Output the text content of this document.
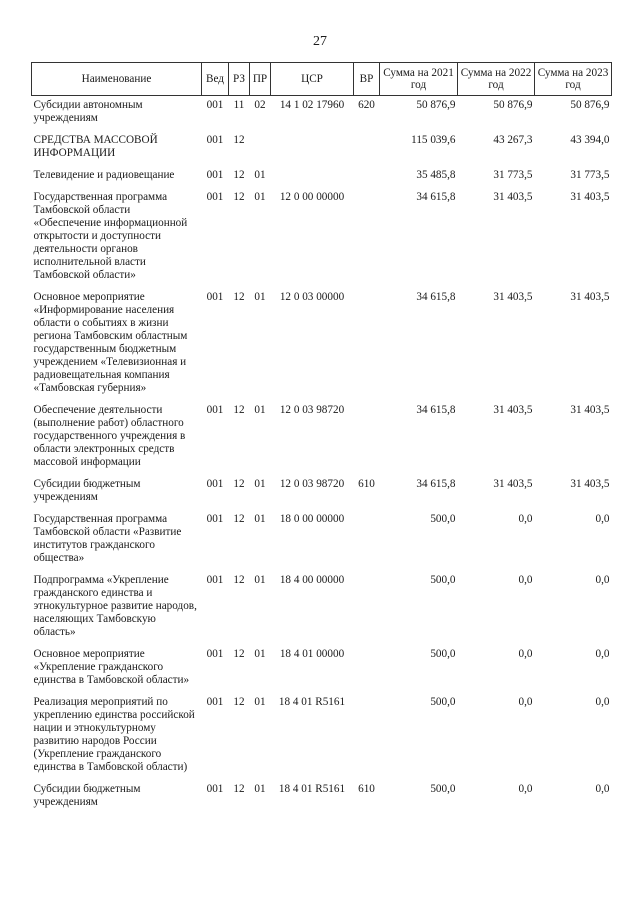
27
Наименование	Вед	РЗ	ПР	ЦСР	ВР	Сумма на 2021 год	Сумма на 2022 год	Сумма на 2023 год
Субсидии автономным учреждениям	001	11	02	14 1 02 17960	620	50 876,9	50 876,9	50 876,9
СРЕДСТВА МАССОВОЙ ИНФОРМАЦИИ	001	12				115 039,6	43 267,3	43 394,0
Телевидение и радиовещание	001	12	01			35 485,8	31 773,5	31 773,5
Государственная программа Тамбовской области «Обеспечение информационной открытости и доступности деятельности органов исполнительной власти Тамбовской области»	001	12	01	12 0 00 00000		34 615,8	31 403,5	31 403,5
Основное мероприятие «Информирование населения области о событиях в жизни региона Тамбовским областным государственным бюджетным учреждением «Телевизионная и радиовещательная компания «Тамбовская губерния»	001	12	01	12 0 03 00000		34 615,8	31 403,5	31 403,5
Обеспечение деятельности (выполнение работ) областного государственного учреждения в области электронных средств массовой информации	001	12	01	12 0 03 98720		34 615,8	31 403,5	31 403,5
Субсидии бюджетным учреждениям	001	12	01	12 0 03 98720	610	34 615,8	31 403,5	31 403,5
Государственная программа Тамбовской области «Развитие институтов гражданского общества»	001	12	01	18 0 00 00000		500,0	0,0	0,0
Подпрограмма «Укрепление гражданского единства и этнокультурное развитие народов, населяющих Тамбовскую область»	001	12	01	18 4 00 00000		500,0	0,0	0,0
Основное мероприятие «Укрепление гражданского единства в Тамбовской области»	001	12	01	18 4 01 00000		500,0	0,0	0,0
Реализация мероприятий по укреплению единства российской нации и этнокультурному развитию народов России (Укрепление гражданского единства в Тамбовской области)	001	12	01	18 4 01 R5161		500,0	0,0	0,0
Субсидии бюджетным учреждениям	001	12	01	18 4 01 R5161	610	500,0	0,0	0,0
